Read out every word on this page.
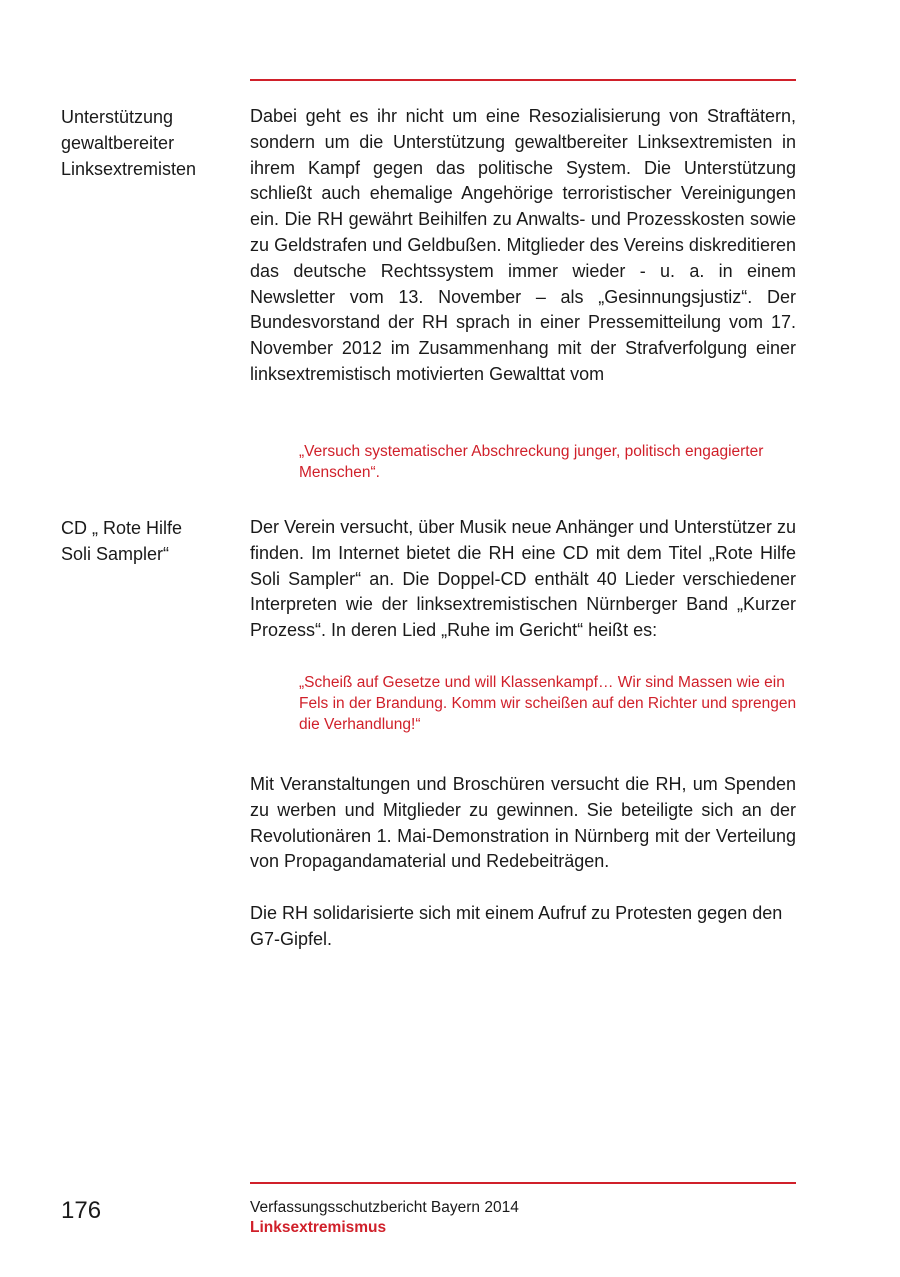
Unterstützung
gewaltbereiter
Linksextremisten

Dabei geht es ihr nicht um eine Resozialisierung von Straftätern, sondern um die Unterstützung gewaltbereiter Linksextremisten in ihrem Kampf gegen das politische System. Die Unterstützung schließt auch ehemalige Angehörige terroristischer Vereinigungen ein. Die RH gewährt Beihilfen zu Anwalts- und Prozesskosten sowie zu Geldstrafen und Geldbußen. Mitglieder des Vereins diskreditieren das deutsche Rechtssystem immer wieder - u. a. in einem Newsletter vom 13. November – als „Gesinnungsjustiz“. Der Bundesvorstand der RH sprach in einer Pressemitteilung vom 17. November 2012 im Zusammenhang mit der Strafverfolgung einer linksextremistisch motivierten Gewalttat vom

„Versuch systematischer Abschreckung junger, politisch engagierter Menschen“.

CD „ Rote Hilfe
Soli Sampler“

Der Verein versucht, über Musik neue Anhänger und Unterstützer zu finden. Im Internet bietet die RH eine CD mit dem Titel „Rote Hilfe Soli Sampler“ an. Die Doppel-CD enthält 40 Lieder verschiedener Interpreten wie der linksextremistischen Nürnberger Band „Kurzer Prozess“. In deren Lied „Ruhe im Gericht“ heißt es:

„Scheiß auf Gesetze und will Klassenkampf… Wir sind Massen wie ein Fels in der Brandung. Komm wir scheißen auf den Richter und sprengen die Verhandlung!“

Mit Veranstaltungen und Broschüren versucht die RH, um Spenden zu werben und Mitglieder zu gewinnen. Sie beteiligte sich an der Revolutionären 1. Mai-Demonstration in Nürnberg mit der Verteilung von Propagandamaterial und Redebeiträgen.

Die RH solidarisierte sich mit einem Aufruf zu Protesten gegen den G7-Gipfel.

176	Verfassungsschutzbericht Bayern 2014
Linksextremismus
